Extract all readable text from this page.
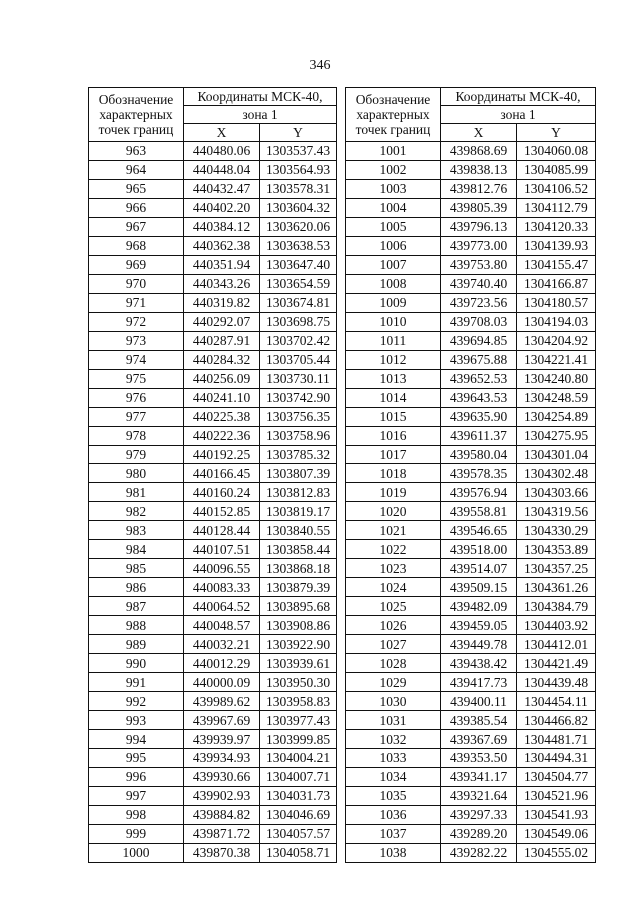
346
Обозначение
характерных
точек границ	Координаты МСК-40,	
	зона 1	
	X	Y
963	440480.06	1303537.43
964	440448.04	1303564.93
965	440432.47	1303578.31
966	440402.20	1303604.32
967	440384.12	1303620.06
968	440362.38	1303638.53
969	440351.94	1303647.40
970	440343.26	1303654.59
971	440319.82	1303674.81
972	440292.07	1303698.75
973	440287.91	1303702.42
974	440284.32	1303705.44
975	440256.09	1303730.11
976	440241.10	1303742.90
977	440225.38	1303756.35
978	440222.36	1303758.96
979	440192.25	1303785.32
980	440166.45	1303807.39
981	440160.24	1303812.83
982	440152.85	1303819.17
983	440128.44	1303840.55
984	440107.51	1303858.44
985	440096.55	1303868.18
986	440083.33	1303879.39
987	440064.52	1303895.68
988	440048.57	1303908.86
989	440032.21	1303922.90
990	440012.29	1303939.61
991	440000.09	1303950.30
992	439989.62	1303958.83
993	439967.69	1303977.43
994	439939.97	1303999.85
995	439934.93	1304004.21
996	439930.66	1304007.71
997	439902.93	1304031.73
998	439884.82	1304046.69
999	439871.72	1304057.57
1000	439870.38	1304058.71
Обозначение
характерных
точек границ	Координаты МСК-40,	
	зона 1	
	X	Y
1001	439868.69	1304060.08
1002	439838.13	1304085.99
1003	439812.76	1304106.52
1004	439805.39	1304112.79
1005	439796.13	1304120.33
1006	439773.00	1304139.93
1007	439753.80	1304155.47
1008	439740.40	1304166.87
1009	439723.56	1304180.57
1010	439708.03	1304194.03
1011	439694.85	1304204.92
1012	439675.88	1304221.41
1013	439652.53	1304240.80
1014	439643.53	1304248.59
1015	439635.90	1304254.89
1016	439611.37	1304275.95
1017	439580.04	1304301.04
1018	439578.35	1304302.48
1019	439576.94	1304303.66
1020	439558.81	1304319.56
1021	439546.65	1304330.29
1022	439518.00	1304353.89
1023	439514.07	1304357.25
1024	439509.15	1304361.26
1025	439482.09	1304384.79
1026	439459.05	1304403.92
1027	439449.78	1304412.01
1028	439438.42	1304421.49
1029	439417.73	1304439.48
1030	439400.11	1304454.11
1031	439385.54	1304466.82
1032	439367.69	1304481.71
1033	439353.50	1304494.31
1034	439341.17	1304504.77
1035	439321.64	1304521.96
1036	439297.33	1304541.93
1037	439289.20	1304549.06
1038	439282.22	1304555.02
